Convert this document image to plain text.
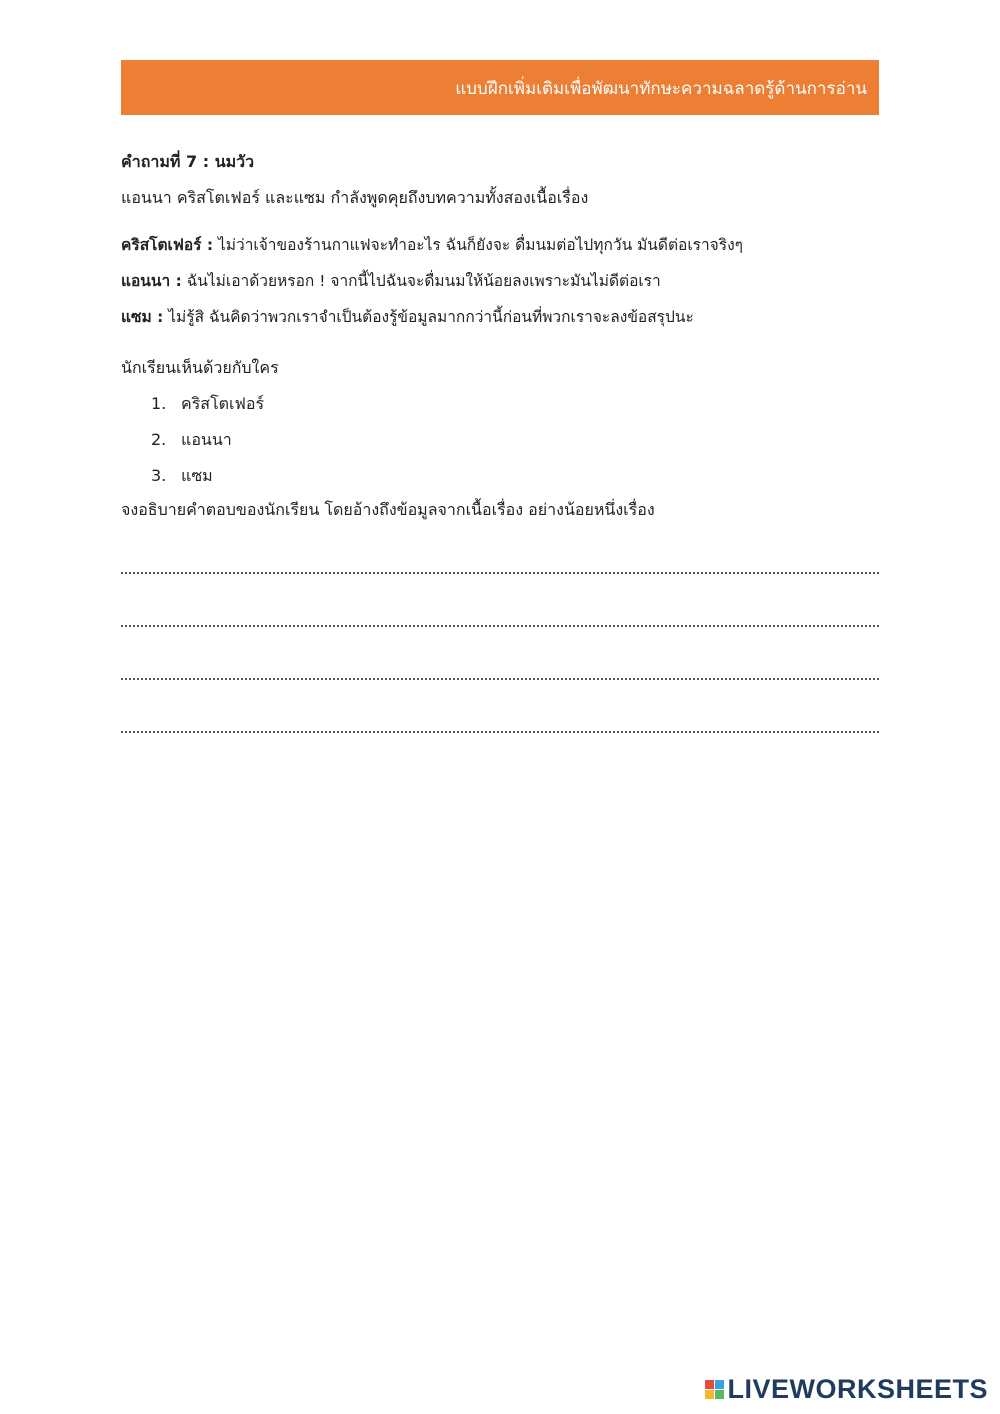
แบบฝึกเพิ่มเติมเพื่อพัฒนาทักษะความฉลาดรู้ด้านการอ่าน
คำถามที่ 7 : นมวัว
แอนนา คริสโตเฟอร์ และแซม กำลังพูดคุยถึงบทความทั้งสองเนื้อเรื่อง
คริสโตเฟอร์ : ไม่ว่าเจ้าของร้านกาแฟจะทำอะไร ฉันก็ยังจะ ดื่มนมต่อไปทุกวัน มันดีต่อเราจริงๆ
แอนนา : ฉันไม่เอาด้วยหรอก ! จากนี้ไปฉันจะดื่มนมให้น้อยลงเพราะมันไม่ดีต่อเรา
แซม : ไม่รู้สิ ฉันคิดว่าพวกเราจำเป็นต้องรู้ข้อมูลมากกว่านี้ก่อนที่พวกเราจะลงข้อสรุปนะ
นักเรียนเห็นด้วยกับใคร
1. คริสโตเฟอร์
2. แอนนา
3. แซม
จงอธิบายคำตอบของนักเรียน โดยอ้างถึงข้อมูลจากเนื้อเรื่อง อย่างน้อยหนึ่งเรื่อง
LIVEWORKSHEETS
